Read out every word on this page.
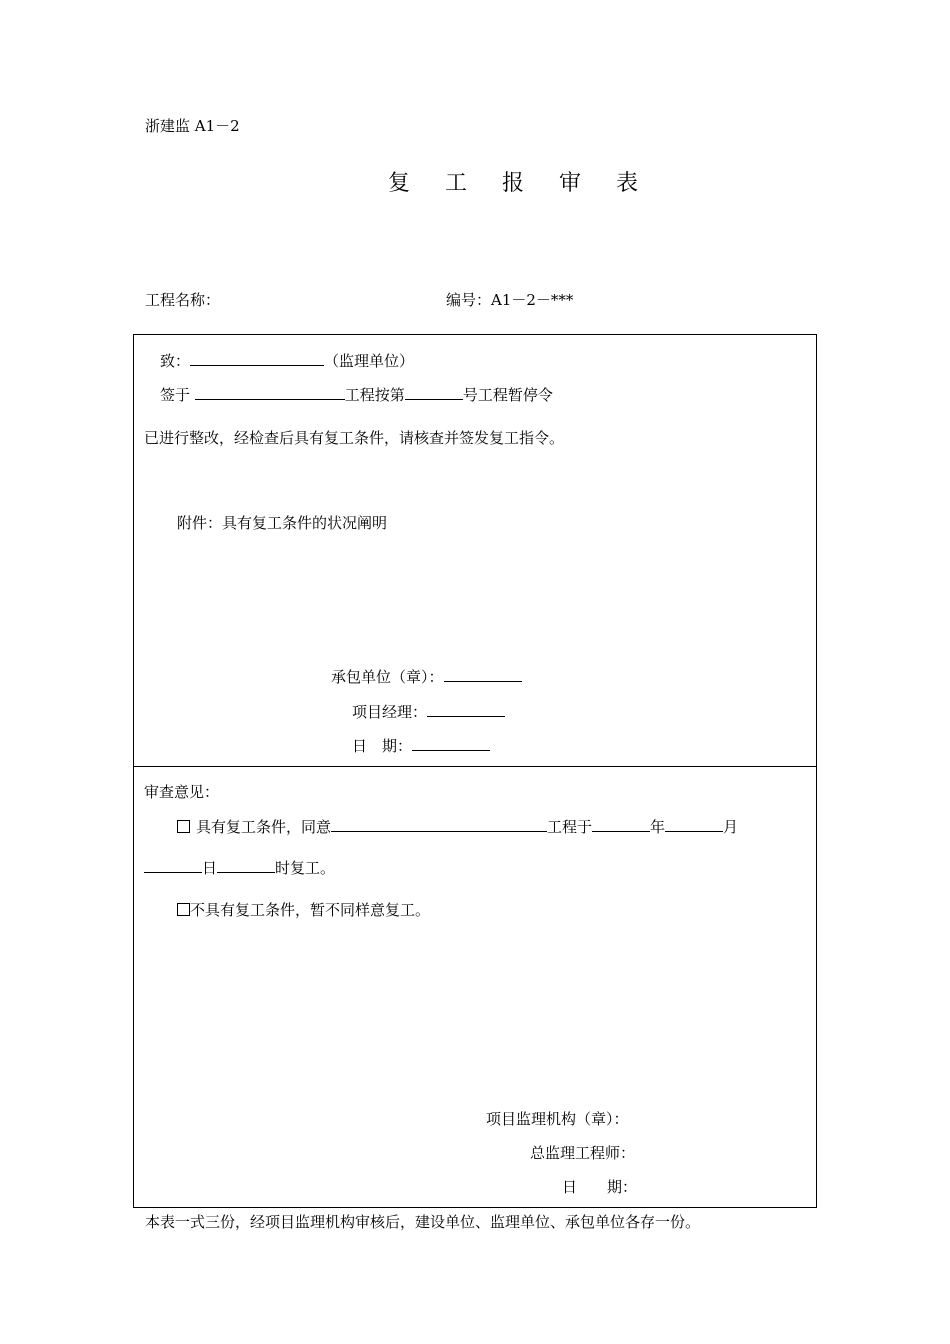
浙建监 A1－2
复 工 报 审 表
工程名称：	编号：A1－2－***
致：	（监理单位）
签于	工程按第	号工程暂停令
已进行整改，经检查后具有复工条件，请核查并签发复工指令。
附件：具有复工条件的状况阐明
承包单位（章）：
项目经理：
日　期：
审查意见：
具有复工条件，同意	工程于	年	月
日	时复工。
不具有复工条件，暂不同样意复工。
项目监理机构（章）：
总监理工程师：
日　　期：
本表一式三份，经项目监理机构审核后，建设单位、监理单位、承包单位各存一份。
